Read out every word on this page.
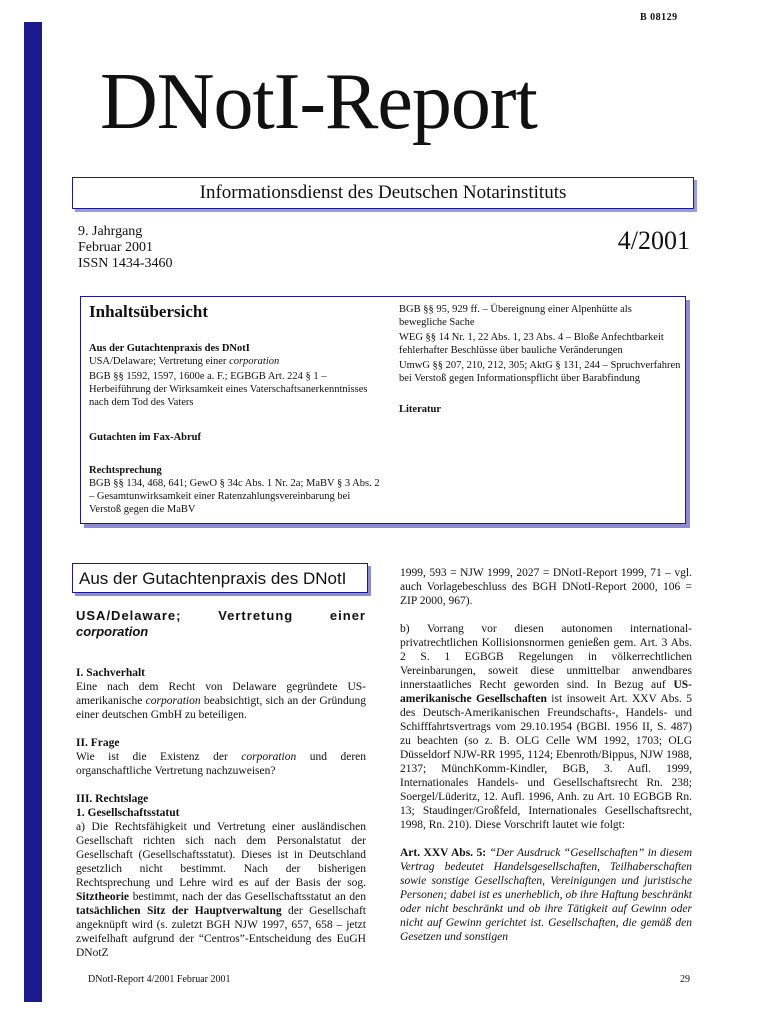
B 08129
DNotI-Report
Informationsdienst des Deutschen Notarinstituts
9. Jahrgang
Februar 2001
ISSN 1434-3460
4/2001
Inhaltsübersicht
Aus der Gutachtenpraxis des DNotI
USA/Delaware; Vertretung einer corporation
BGB §§ 1592, 1597, 1600e a. F.; EGBGB Art. 224 § 1 – Herbeiführung der Wirksamkeit eines Vaterschaftsanerkenntnisses nach dem Tod des Vaters
Gutachten im Fax-Abruf
Rechtsprechung
BGB §§ 134, 468, 641; GewO § 34c Abs. 1 Nr. 2a; MaBV § 3 Abs. 2 – Gesamtunwirksamkeit einer Ratenzahlungsvereinbarung bei Verstoß gegen die MaBV
BGB §§ 95, 929 ff. – Übereignung einer Alpenhütte als bewegliche Sache
WEG §§ 14 Nr. 1, 22 Abs. 1, 23 Abs. 4 – Bloße Anfechtbarkeit fehlerhafter Beschlüsse über bauliche Veränderungen
UmwG §§ 207, 210, 212, 305; AktG § 131, 244 – Spruchverfahren bei Verstoß gegen Informationspflicht über Barabfindung
Literatur
Aus der Gutachtenpraxis des DNotI
USA/Delaware; Vertretung einer
corporation
I. Sachverhalt

Eine nach dem Recht von Delaware gegründete US-amerikanische corporation beabsichtigt, sich an der Gründung einer deutschen GmbH zu beteiligen.

II. Frage

Wie ist die Existenz der corporation und deren organschaftliche Vertretung nachzuweisen?

III. Rechtslage
1. Gesellschaftsstatut

a) Die Rechtsfähigkeit und Vertretung einer ausländischen Gesellschaft richten sich nach dem Personalstatut der Gesellschaft (Gesellschaftsstatut). Dieses ist in Deutschland gesetzlich nicht bestimmt. Nach der bisherigen Rechtsprechung und Lehre wird es auf der Basis der sog. Sitztheorie bestimmt, nach der das Gesellschaftsstatut an den tatsächlichen Sitz der Hauptverwaltung der Gesellschaft angeknüpft wird (s. zuletzt BGH NJW 1997, 657, 658 – jetzt zweifelhaft aufgrund der “Centros”-Entscheidung des EuGH DNotZ

1999, 593 = NJW 1999, 2027 = DNotI-Report 1999, 71 – vgl. auch Vorlagebeschluss des BGH DNotI-Report 2000, 106 = ZIP 2000, 967).

b) Vorrang vor diesen autonomen international-privatrechtlichen Kollisionsnormen genießen gem. Art. 3 Abs. 2 S. 1 EGBGB Regelungen in völkerrechtlichen Vereinbarungen, soweit diese unmittelbar anwendbares innerstaatliches Recht geworden sind. In Bezug auf US-amerikanische Gesellschaften ist insoweit Art. XXV Abs. 5 des Deutsch-Amerikanischen Freundschafts-, Handels- und Schifffahrtsvertrags vom 29.10.1954 (BGBl. 1956 II, S. 487) zu beachten (so z. B. OLG Celle WM 1992, 1703; OLG Düsseldorf NJW-RR 1995, 1124; Ebenroth/Bippus, NJW 1988, 2137; MünchKomm-Kindler, BGB, 3. Aufl. 1999, Internationales Handels- und Gesellschaftsrecht Rn. 238; Soergel/Lüderitz, 12. Aufl. 1996, Anh. zu Art. 10 EGBGB Rn. 13; Staudinger/Großfeld, Internationales Gesellschaftsrecht, 1998, Rn. 210). Diese Vorschrift lautet wie folgt:

Art. XXV Abs. 5: “Der Ausdruck “Gesellschaften” in diesem Vertrag bedeutet Handelsgesellschaften, Teilhaberschaften sowie sonstige Gesellschaften, Vereinigungen und juristische Personen; dabei ist es unerheblich, ob ihre Haftung beschränkt oder nicht beschränkt und ob ihre Tätigkeit auf Gewinn oder nicht auf Gewinn gerichtet ist. Gesellschaften, die gemäß den Gesetzen und sonstigen

DNotI-Report 4/2001 Februar 2001	29
